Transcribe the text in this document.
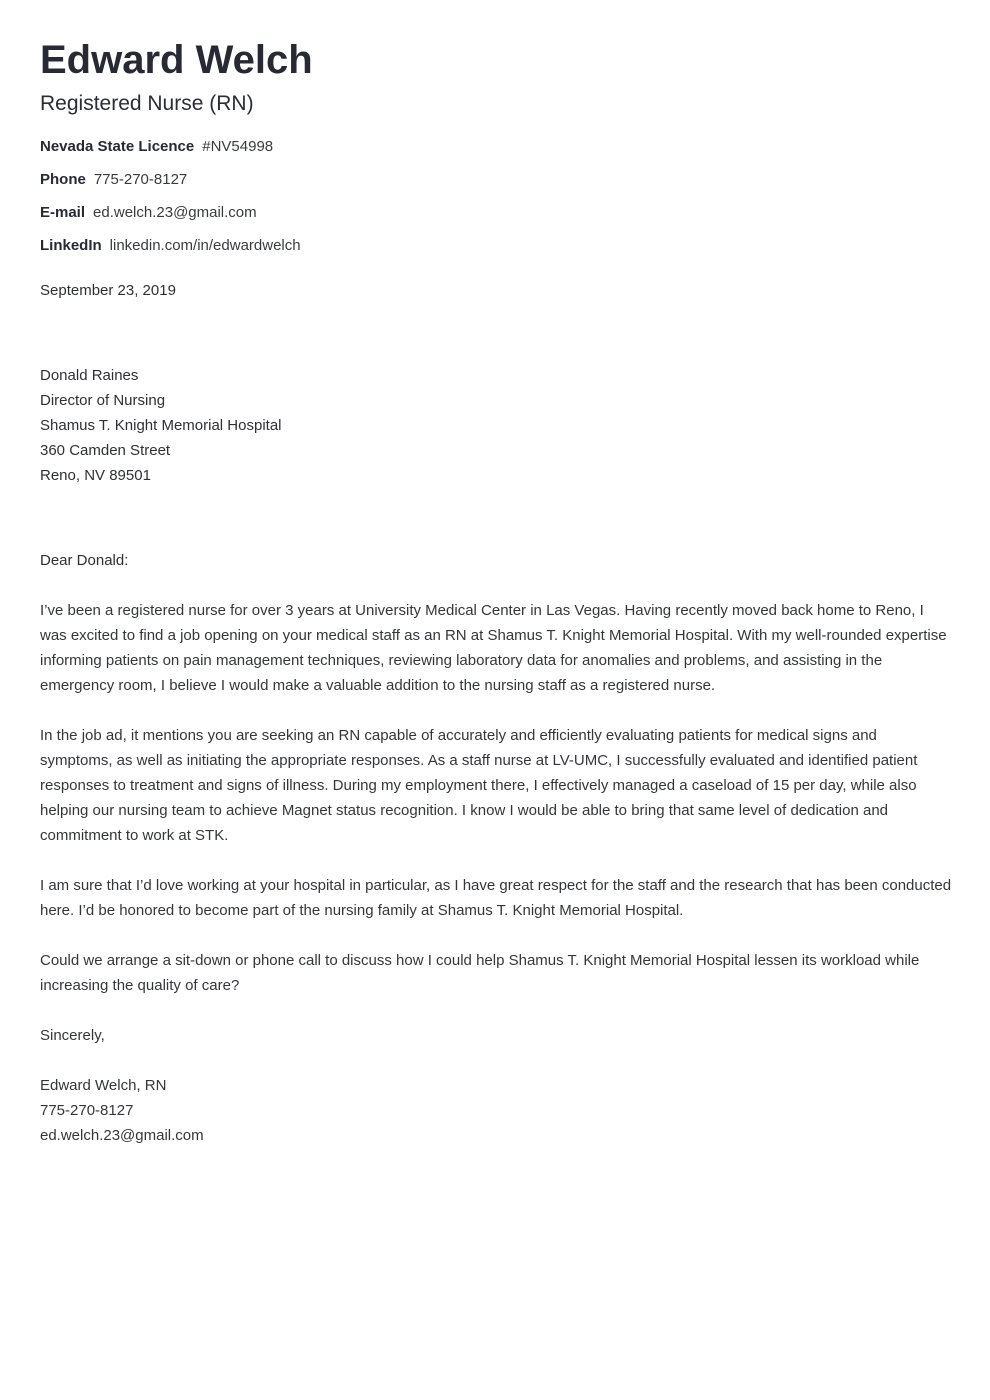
Edward Welch
Registered Nurse (RN)
Nevada State Licence #NV54998
Phone 775-270-8127
E-mail ed.welch.23@gmail.com
LinkedIn linkedin.com/in/edwardwelch
September 23, 2019
Donald Raines
Director of Nursing
Shamus T. Knight Memorial Hospital
360 Camden Street
Reno, NV 89501
Dear Donald:

I’ve been a registered nurse for over 3 years at University Medical Center in Las Vegas. Having recently moved back home to Reno, I was excited to find a job opening on your medical staff as an RN at Shamus T. Knight Memorial Hospital. With my well-rounded expertise informing patients on pain management techniques, reviewing laboratory data for anomalies and problems, and assisting in the emergency room, I believe I would make a valuable addition to the nursing staff as a registered nurse.

In the job ad, it mentions you are seeking an RN capable of accurately and efficiently evaluating patients for medical signs and symptoms, as well as initiating the appropriate responses. As a staff nurse at LV-UMC, I successfully evaluated and identified patient responses to treatment and signs of illness. During my employment there, I effectively managed a caseload of 15 per day, while also helping our nursing team to achieve Magnet status recognition. I know I would be able to bring that same level of dedication and commitment to work at STK.

I am sure that I’d love working at your hospital in particular, as I have great respect for the staff and the research that has been conducted here. I’d be honored to become part of the nursing family at Shamus T. Knight Memorial Hospital.

Could we arrange a sit-down or phone call to discuss how I could help Shamus T. Knight Memorial Hospital lessen its workload while increasing the quality of care?

Sincerely,

Edward Welch, RN
775-270-8127
ed.welch.23@gmail.com
